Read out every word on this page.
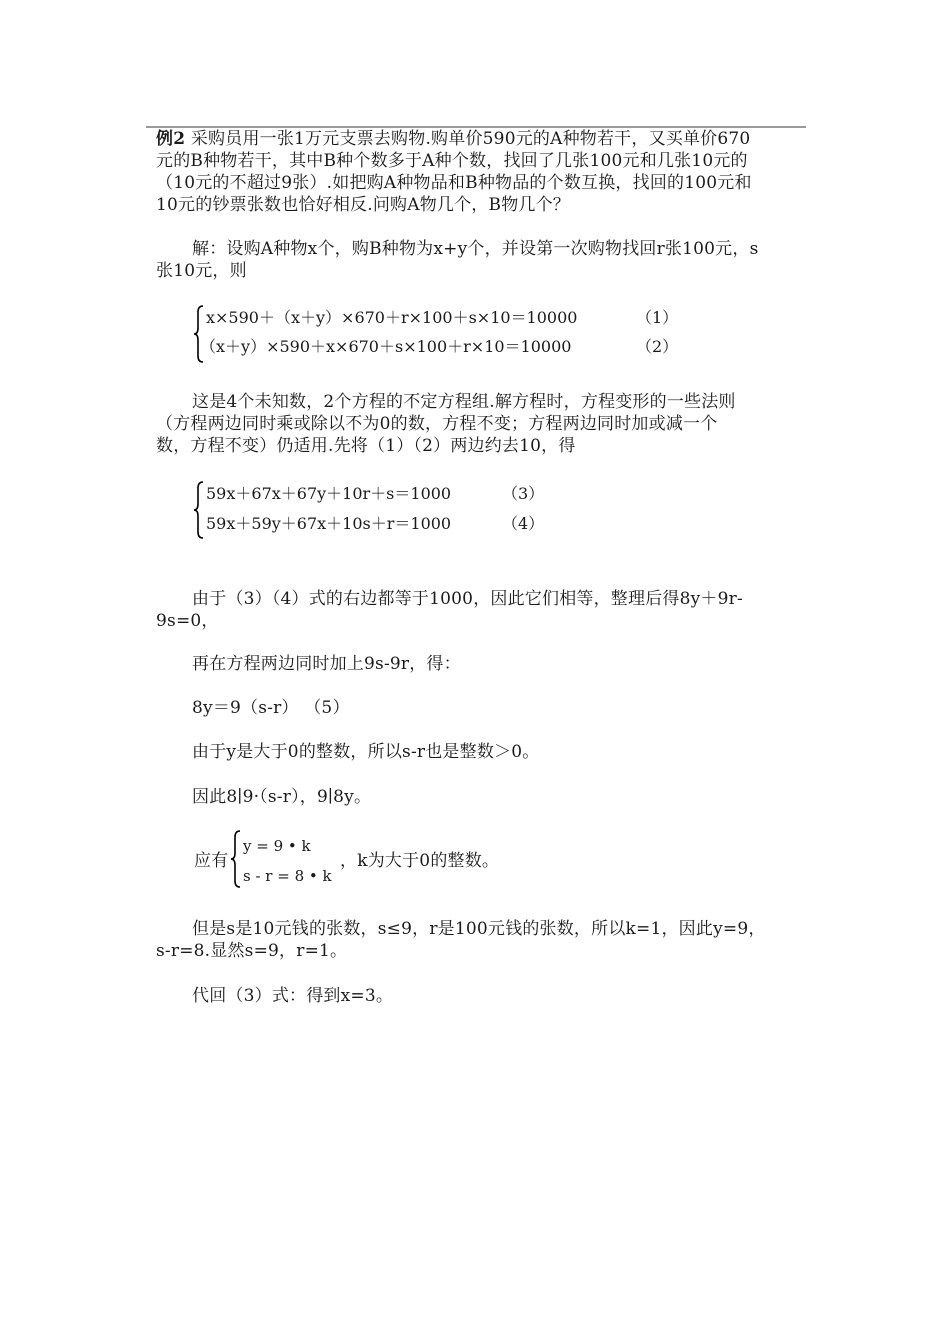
例2 采购员用一张1万元支票去购物.购单价590元的A种物若干，又买单价670
元的B种物若干，其中B种个数多于A种个数，找回了几张100元和几张10元的
（10元的不超过9张）.如把购A种物品和B种物品的个数互换，找回的100元和
10元的钞票张数也恰好相反.问购A物几个，B物几个？
解：设购A种物x个，购B种物为x+y个，并设第一次购物找回r张100元，s
张10元，则
x×590＋（x＋y）×670＋r×100＋s×10＝10000	（1）
（x＋y）×590＋x×670＋s×100＋r×10＝10000	（2）
这是4个未知数，2个方程的不定方程组.解方程时，方程变形的一些法则
（方程两边同时乘或除以不为0的数，方程不变；方程两边同时加或减一个
数，方程不变）仍适用.先将（1）（2）两边约去10，得
59x＋67x＋67y＋10r＋s＝1000	（3）
59x＋59y＋67x＋10s＋r＝1000	（4）
由于（3）（4）式的右边都等于1000，因此它们相等，整理后得8y＋9r-
9s=0，
再在方程两边同时加上9s-9r，得：
8y＝9（s-r） （5）
由于y是大于0的整数，所以s-r也是整数＞0。
因此8∣9·（s-r），9∣8y。
应有
y = 9 • k
s - r = 8 • k
，k为大于0的整数。
但是s是10元钱的张数，s≤9，r是100元钱的张数，所以k=1，因此y=9，
s-r=8.显然s=9，r=1。
代回（3）式：得到x=3。
